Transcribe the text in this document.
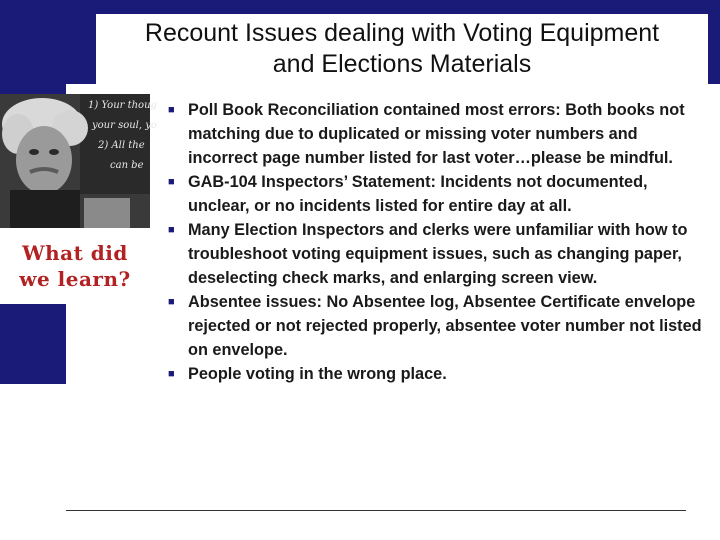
Recount Issues dealing with Voting Equipment
and Elections Materials
1) Your thoug
your soul, yo
2) All the
can be
What did
we learn?
■ Poll Book Reconciliation contained most errors: Both books not matching due to duplicated or missing voter numbers and incorrect page number listed for last voter…please be mindful.
■ GAB-104 Inspectors’ Statement: Incidents not documented, unclear, or no incidents listed for entire day at all.
■ Many Election Inspectors and clerks were unfamiliar with how to troubleshoot voting equipment issues, such as changing paper, deselecting check marks, and enlarging screen view.
■ Absentee issues: No Absentee log, Absentee Certificate envelope rejected or not rejected properly, absentee voter number not listed on envelope.
■ People voting in the wrong place.
